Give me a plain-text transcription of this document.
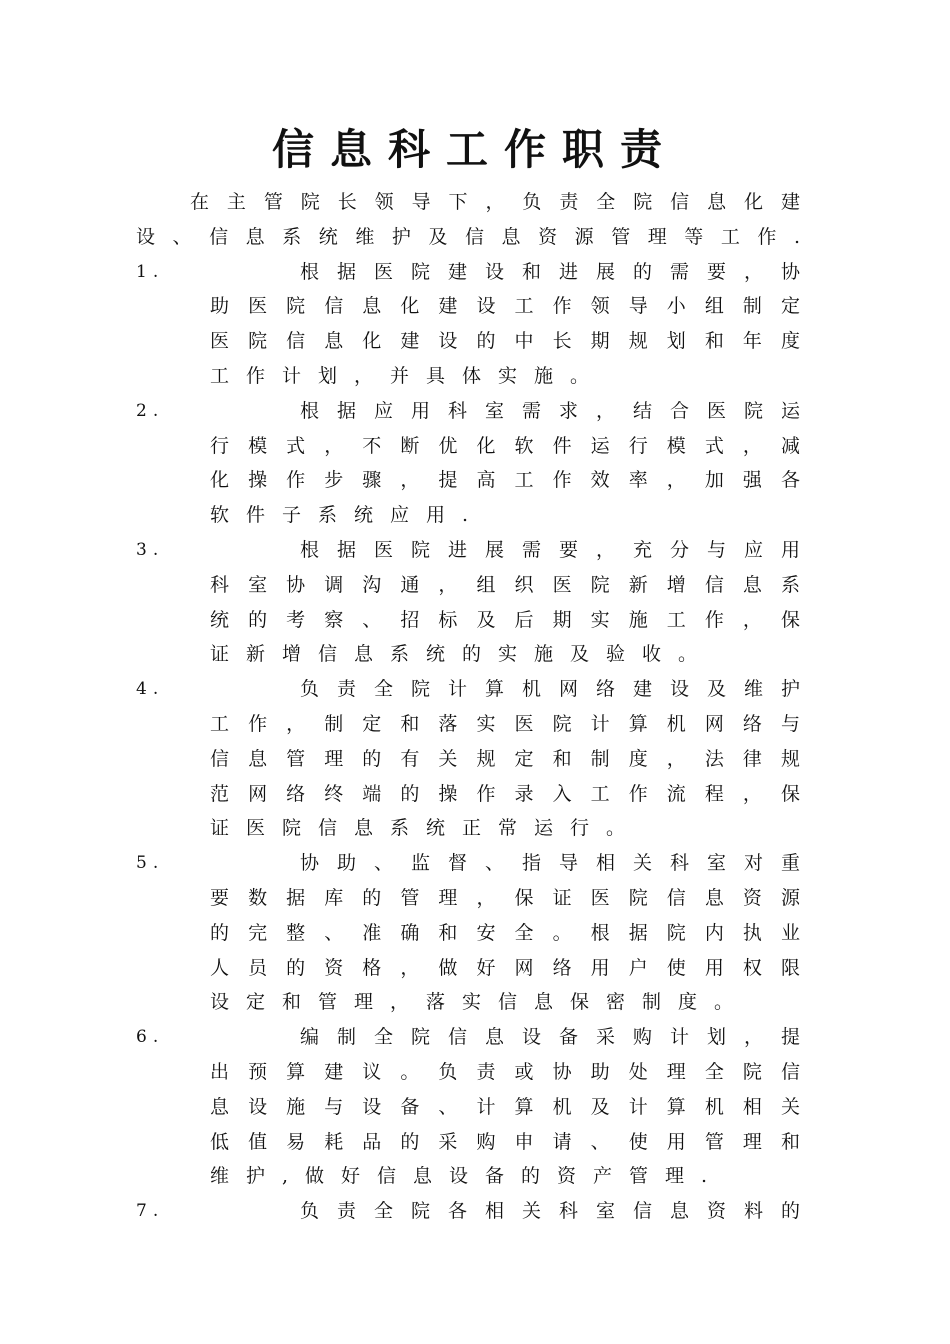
信息科工作职责
在主管院长领导下，负责全院信息化建
设、信息系统维护及信息资源管理等工作.
1.	根据医院建设和进展的需要，协
助医院信息化建设工作领导小组制定
医院信息化建设的中长期规划和年度
工作计划，并具体实施。
2.	根据应用科室需求，结合医院运
行模式，不断优化软件运行模式，减
化操作步骤，提高工作效率，加强各
软件子系统应用.
3.	根据医院进展需要，充分与应用
科室协调沟通，组织医院新增信息系
统的考察、招标及后期实施工作，保
证新增信息系统的实施及验收。
4.	负责全院计算机网络建设及维护
工作，制定和落实医院计算机网络与
信息管理的有关规定和制度，法律规
范网络终端的操作录入工作流程，保
证医院信息系统正常运行。
5.	协助、监督、指导相关科室对重
要数据库的管理，保证医院信息资源
的完整、准确和安全。根据院内执业
人员的资格，做好网络用户使用权限
设定和管理，落实信息保密制度。
6.	编制全院信息设备采购计划，提
出预算建议。负责或协助处理全院信
息设施与设备、计算机及计算机相关
低值易耗品的采购申请、使用管理和
维护,做好信息设备的资产管理.
7.	负责全院各相关科室信息资料的
